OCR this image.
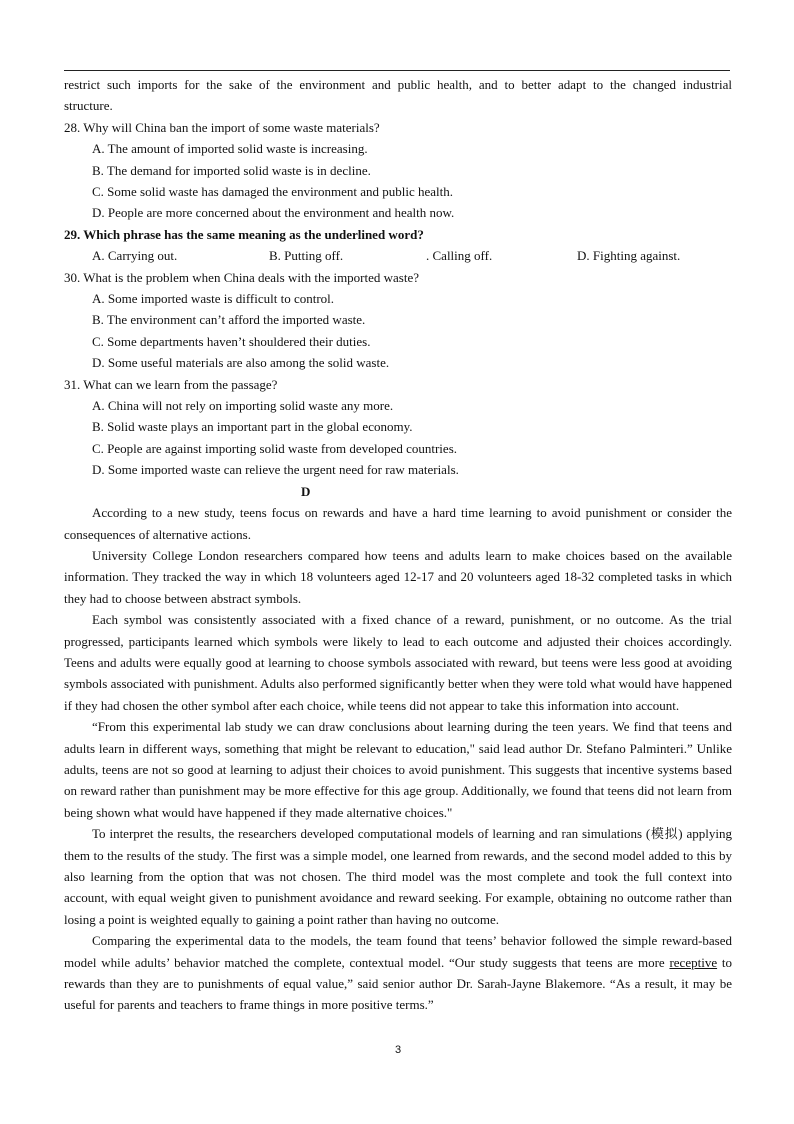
restrict such imports for the sake of the environment and public health, and to better adapt to the changed industrial
structure.
28. Why will China ban the import of some waste materials?
A. The amount of imported solid waste is increasing.
B. The demand for imported solid waste is in decline.
C. Some solid waste has damaged the environment and public health.
D. People are more concerned about the environment and health now.
29. Which phrase has the same meaning as the underlined word?
A. Carrying out.	B. Putting off.	. Calling off.	D. Fighting against.
30. What is the problem when China deals with the imported waste?
A. Some imported waste is difficult to control.
B. The environment can’t afford the imported waste.
C. Some departments haven’t shouldered their duties.
D. Some useful materials are also among the solid waste.
31. What can we learn from the passage?
A. China will not rely on importing solid waste any more.
B. Solid waste plays an important part in the global economy.
C. People are against importing solid waste from developed countries.
D. Some imported waste can relieve the urgent need for raw materials.
D
According to a new study, teens focus on rewards and have a hard time learning to avoid punishment or consider the consequences of alternative actions.
University College London researchers compared how teens and adults learn to make choices based on the available information. They tracked the way in which 18 volunteers aged 12-17 and 20 volunteers aged 18-32 completed tasks in which they had to choose between abstract symbols.
Each symbol was consistently associated with a fixed chance of a reward, punishment, or no outcome. As the trial progressed, participants learned which symbols were likely to lead to each outcome and adjusted their choices accordingly. Teens and adults were equally good at learning to choose symbols associated with reward, but teens were less good at avoiding symbols associated with punishment. Adults also performed significantly better when they were told what would have happened if they had chosen the other symbol after each choice, while teens did not appear to take this information into account.
“From this experimental lab study we can draw conclusions about learning during the teen years. We find that teens and adults learn in different ways, something that might be relevant to education," said lead author Dr. Stefano Palminteri.” Unlike adults, teens are not so good at learning to adjust their choices to avoid punishment. This suggests that incentive systems based on reward rather than punishment may be more effective for this age group. Additionally, we found that teens did not learn from being shown what would have happened if they made alternative choices."
To interpret the results, the researchers developed computational models of learning and ran simulations (模拟) applying them to the results of the study. The first was a simple model, one learned from rewards, and the second model added to this by also learning from the option that was not chosen. The third model was the most complete and took the full context into account, with equal weight given to punishment avoidance and reward seeking. For example, obtaining no outcome rather than losing a point is weighted equally to gaining a point rather than having no outcome.
Comparing the experimental data to the models, the team found that teens’ behavior followed the simple reward-based model while adults’ behavior matched the complete, contextual model. “Our study suggests that teens are more receptive to rewards than they are to punishments of equal value,” said senior author Dr. Sarah-Jayne Blakemore. “As a result, it may be useful for parents and teachers to frame things in more positive terms.”
3
